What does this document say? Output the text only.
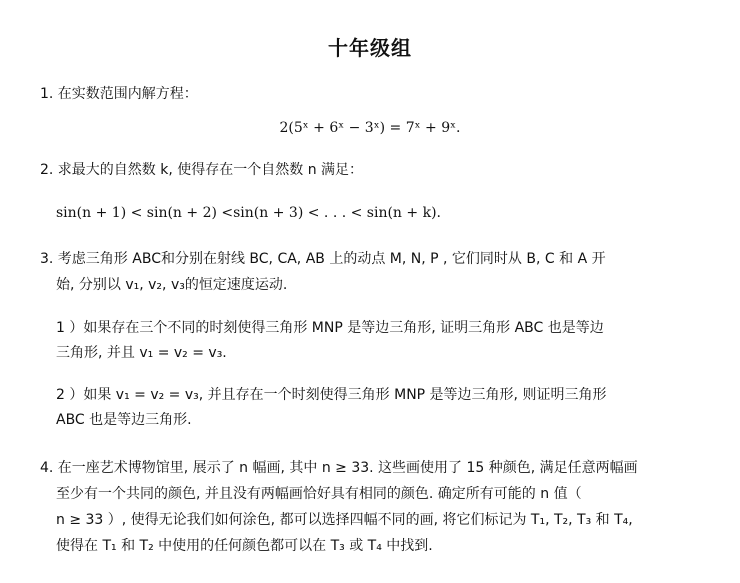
十年级组
1. 在实数范围内解方程：
2(5ˣ + 6ˣ − 3ˣ) = 7ˣ + 9ˣ.
2. 求最大的自然数 k, 使得存在一个自然数 n 满足：
sin(n + 1) < sin(n + 2) <sin(n + 3) < . . . < sin(n + k).
3. 考虑三角形 ABC和分别在射线 BC, CA, AB 上的动点 M, N, P , 它们同时从 B, C 和 A 开
始, 分别以 v₁, v₂, v₃的恒定速度运动.
1 ）如果存在三个不同的时刻使得三角形 MNP 是等边三角形, 证明三角形 ABC 也是等边
三角形, 并且 v₁ = v₂ = v₃.
2 ）如果 v₁ = v₂ = v₃, 并且存在一个时刻使得三角形 MNP 是等边三角形, 则证明三角形
ABC 也是等边三角形.
4. 在一座艺术博物馆里, 展示了 n 幅画, 其中 n ≥ 33. 这些画使用了 15 种颜色, 满足任意两幅画
至少有一个共同的颜色, 并且没有两幅画恰好具有相同的颜色. 确定所有可能的 n 值（
n ≥ 33 ）, 使得无论我们如何涂色, 都可以选择四幅不同的画, 将它们标记为 T₁, T₂, T₃ 和 T₄,
使得在 T₁ 和 T₂ 中使用的任何颜色都可以在 T₃ 或 T₄ 中找到.
